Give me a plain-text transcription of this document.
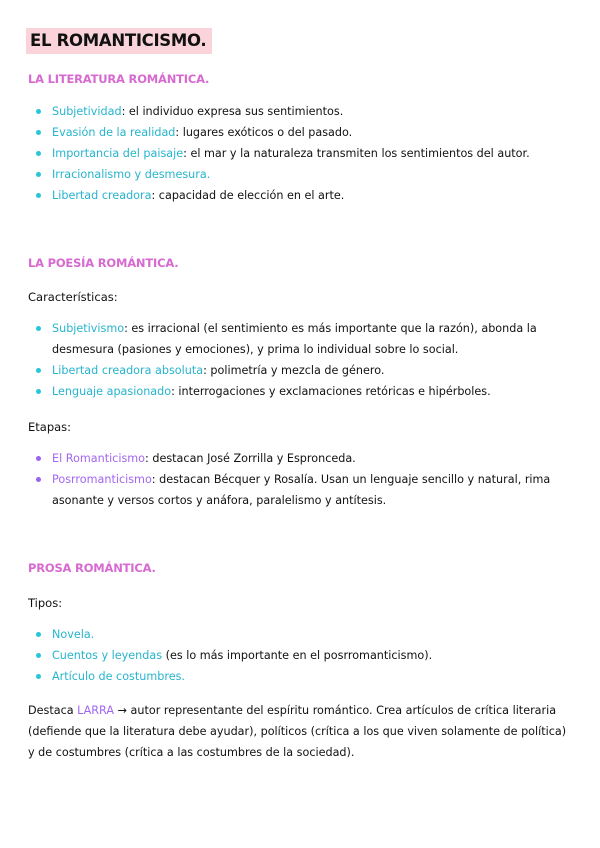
EL ROMANTICISMO.
LA LITERATURA ROMÁNTICA.
Subjetividad: el individuo expresa sus sentimientos.
Evasión de la realidad: lugares exóticos o del pasado.
Importancia del paisaje: el mar y la naturaleza transmiten los sentimientos del autor.
Irracionalismo y desmesura.
Libertad creadora: capacidad de elección en el arte.
LA POESÍA ROMÁNTICA.
Características:
Subjetivismo: es irracional (el sentimiento es más importante que la razón), abonda la desmesura (pasiones y emociones), y prima lo individual sobre lo social.
Libertad creadora absoluta: polimetría y mezcla de género.
Lenguaje apasionado: interrogaciones y exclamaciones retóricas e hipérboles.
Etapas:
El Romanticismo: destacan José Zorrilla y Espronceda.
Posrromanticismo: destacan Bécquer y Rosalía. Usan un lenguaje sencillo y natural, rima asonante y versos cortos y anáfora, paralelismo y antítesis.
PROSA ROMÁNTICA.
Tipos:
Novela.
Cuentos y leyendas (es lo más importante en el posrromanticismo).
Artículo de costumbres.
Destaca LARRA → autor representante del espíritu romántico. Crea artículos de crítica literaria (defiende que la literatura debe ayudar), políticos (crítica a los que viven solamente de política) y de costumbres (crítica a las costumbres de la sociedad).
